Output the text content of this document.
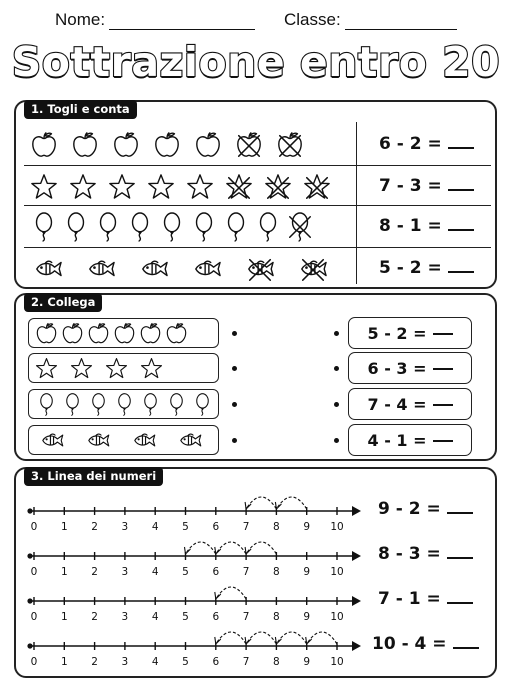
Nome:	Classe:
Sottrazione entro 20
1. Togli e conta
6 - 2 =
7 - 3 =
8 - 1 =
5 - 2 =
2. Collega
5 - 2 =
6 - 3 =
7 - 4 =
4 - 1 =
3. Linea dei numeri
0 1 2 3 4 5 6 7 8 9 10
9 - 2 =
0 1 2 3 4 5 6 7 8 9 10
8 - 3 =
0 1 2 3 4 5 6 7 8 9 10
7 - 1 =
0 1 2 3 4 5 6 7 8 9 10
10 - 4 =
